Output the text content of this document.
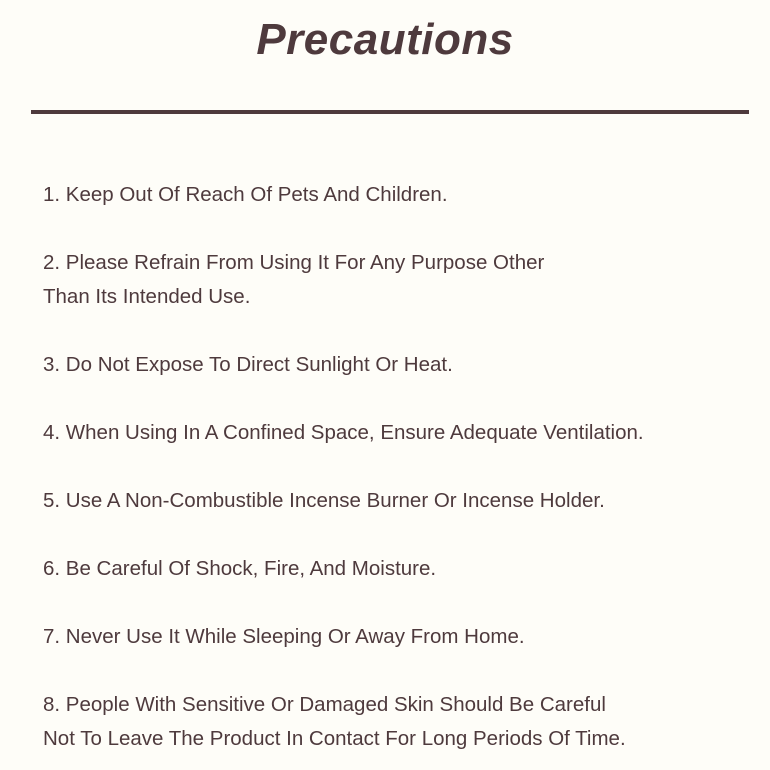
Precautions
1. Keep Out Of Reach Of Pets And Children.
2. Please Refrain From Using It For Any Purpose Other
Than Its Intended Use.
3. Do Not Expose To Direct Sunlight Or Heat.
4. When Using In A Confined Space, Ensure Adequate Ventilation.
5. Use A Non-Combustible Incense Burner Or Incense Holder.
6. Be Careful Of Shock, Fire, And Moisture.
7. Never Use It While Sleeping Or Away From Home.
8. People With Sensitive Or Damaged Skin Should Be Careful
Not To Leave The Product In Contact For Long Periods Of Time.
